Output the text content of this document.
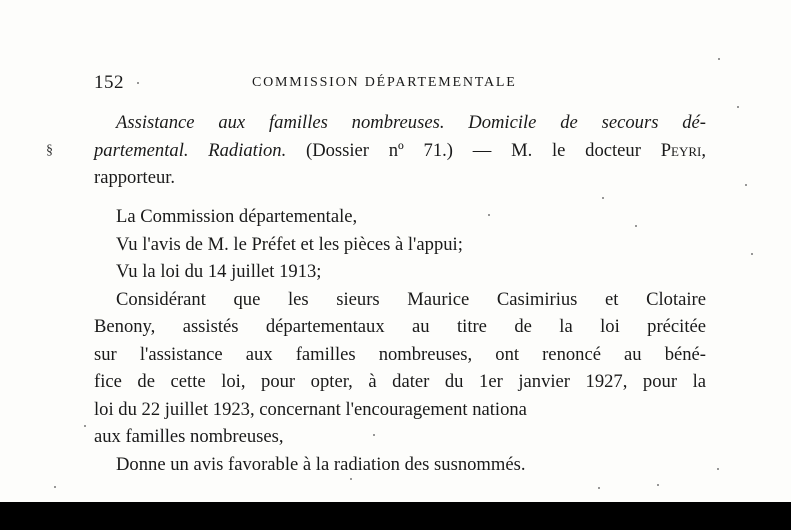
152	COMMISSION DÉPARTEMENTALE
§
Assistance aux familles nombreuses. Domicile de secours dé-
partemental. Radiation. (Dossier nº 71.) — M. le docteur Peyri,
rapporteur.
La Commission départementale,
Vu l'avis de M. le Préfet et les pièces à l'appui;
Vu la loi du 14 juillet 1913;
Considérant que les sieurs Maurice Casimirius et Clotaire
Benony, assistés départementaux au titre de la loi précitée
sur l'assistance aux familles nombreuses, ont renoncé au béné-
fice de cette loi, pour opter, à dater du 1er janvier 1927, pour la
loi du 22 juillet 1923, concernant l'encouragement nationa
aux familles nombreuses,
Donne un avis favorable à la radiation des susnommés.
